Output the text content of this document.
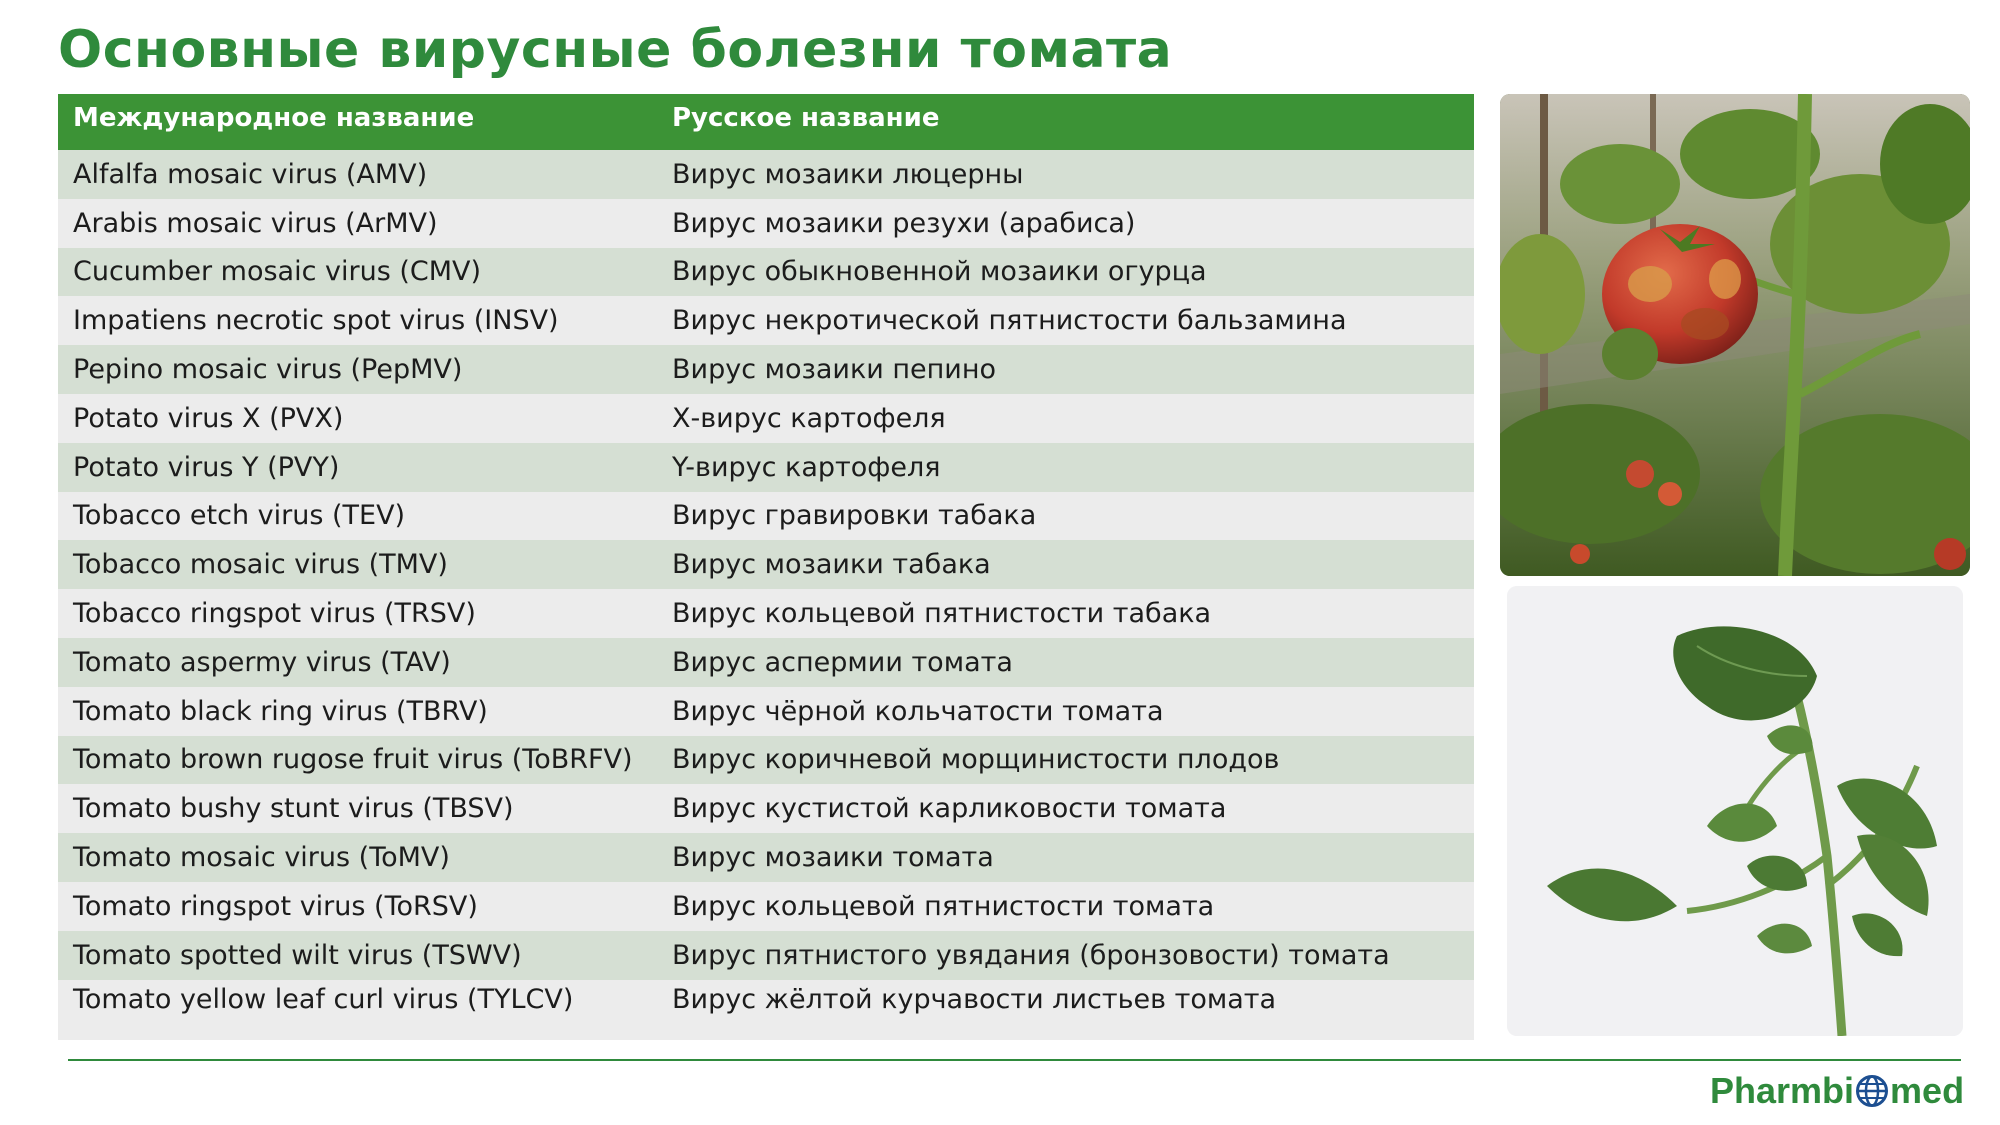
Основные вирусные болезни томата
Международное название	Русское название
Alfalfa mosaic virus (AMV)	Вирус мозаики люцерны
Arabis mosaic virus (ArMV)	Вирус мозаики резухи (арабиса)
Cucumber mosaic virus (CMV)	Вирус обыкновенной мозаики огурца
Impatiens necrotic spot virus (INSV)	Вирус некротической пятнистости бальзамина
Pepino mosaic virus (PepMV)	Вирус мозаики пепино
Potato virus X (PVX)	Х-вирус картофеля
Potato virus Y (PVY)	Y-вирус картофеля
Tobacco etch virus (TEV)	Вирус гравировки табака
Tobacco mosaic virus (TMV)	Вирус мозаики табака
Tobacco ringspot virus (TRSV)	Вирус кольцевой пятнистости табака
Tomato aspermy virus (TAV)	Вирус аспермии томата
Tomato black ring virus (TBRV)	Вирус чёрной кольчатости томата
Tomato brown rugose fruit virus (ToBRFV)	Вирус коричневой морщинистости плодов
Tomato bushy stunt virus (TBSV)	Вирус кустистой карликовости томата
Tomato mosaic virus (ToMV)	Вирус мозаики томата
Tomato ringspot virus (ToRSV)	Вирус кольцевой пятнистости томата
Tomato spotted wilt virus (TSWV)	Вирус пятнистого увядания (бронзовости) томата
Tomato yellow leaf curl virus (TYLCV)	Вирус жёлтой курчавости листьев томата
Pharmbi med
